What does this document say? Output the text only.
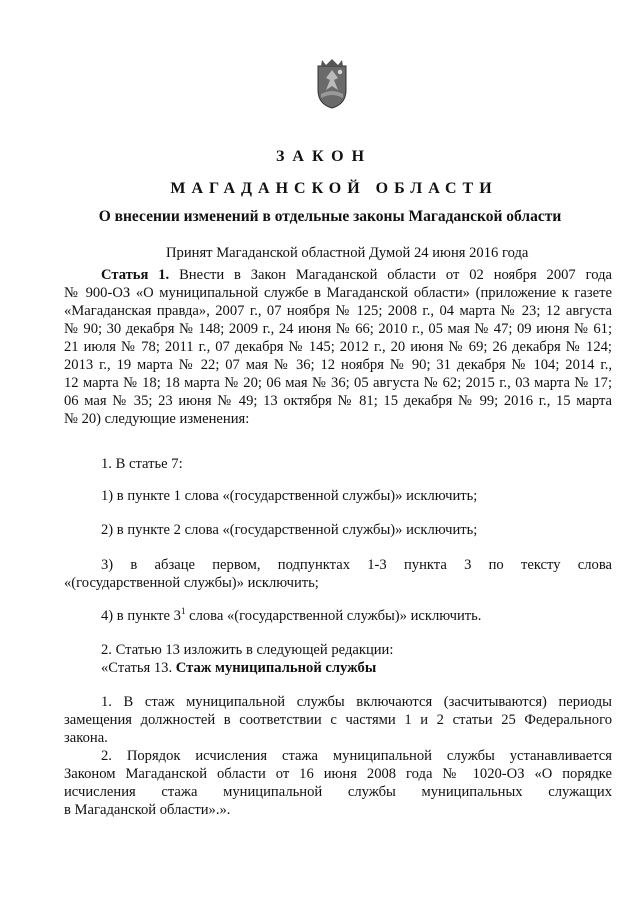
ЗАКОН
МАГАДАНСКОЙ ОБЛАСТИ
О внесении изменений в отдельные законы Магаданской области
Принят Магаданской областной Думой 24 июня 2016 года
Статья 1. Внести в Закон Магаданской области от 02 ноября 2007 года
№ 900-ОЗ «О муниципальной службе в Магаданской области» (приложение к газете
«Магаданская правда», 2007 г., 07 ноября № 125; 2008 г., 04 марта № 23; 12 августа
№ 90; 30 декабря № 148; 2009 г., 24 июня № 66; 2010 г., 05 мая № 47; 09 июня № 61;
21 июля № 78; 2011 г., 07 декабря № 145; 2012 г., 20 июня № 69; 26 декабря № 124;
2013 г., 19 марта № 22; 07 мая № 36; 12 ноября № 90; 31 декабря № 104; 2014 г.,
12 марта № 18; 18 марта № 20; 06 мая № 36; 05 августа № 62; 2015 г., 03 марта № 17;
06 мая № 35; 23 июня № 49; 13 октября № 81; 15 декабря № 99; 2016 г., 15 марта
№ 20) следующие изменения:
1. В статье 7:
1) в пункте 1 слова «(государственной службы)» исключить;
2) в пункте 2 слова «(государственной службы)» исключить;
3) в абзаце первом, подпунктах 1-3 пункта 3 по тексту слова
«(государственной службы)» исключить;
4) в пункте $3^1$ слова «(государственной службы)» исключить.
2. Статью 13 изложить в следующей редакции:
«Статья 13. Стаж муниципальной службы
1. В стаж муниципальной службы включаются (засчитываются) периоды
замещения должностей в соответствии с частями 1 и 2 статьи 25 Федерального
закона.
2. Порядок исчисления стажа муниципальной службы устанавливается
Законом Магаданской области от 16 июня 2008 года № 1020-ОЗ «О порядке
исчисления стажа муниципальной службы муниципальных служащих
в Магаданской области».».
